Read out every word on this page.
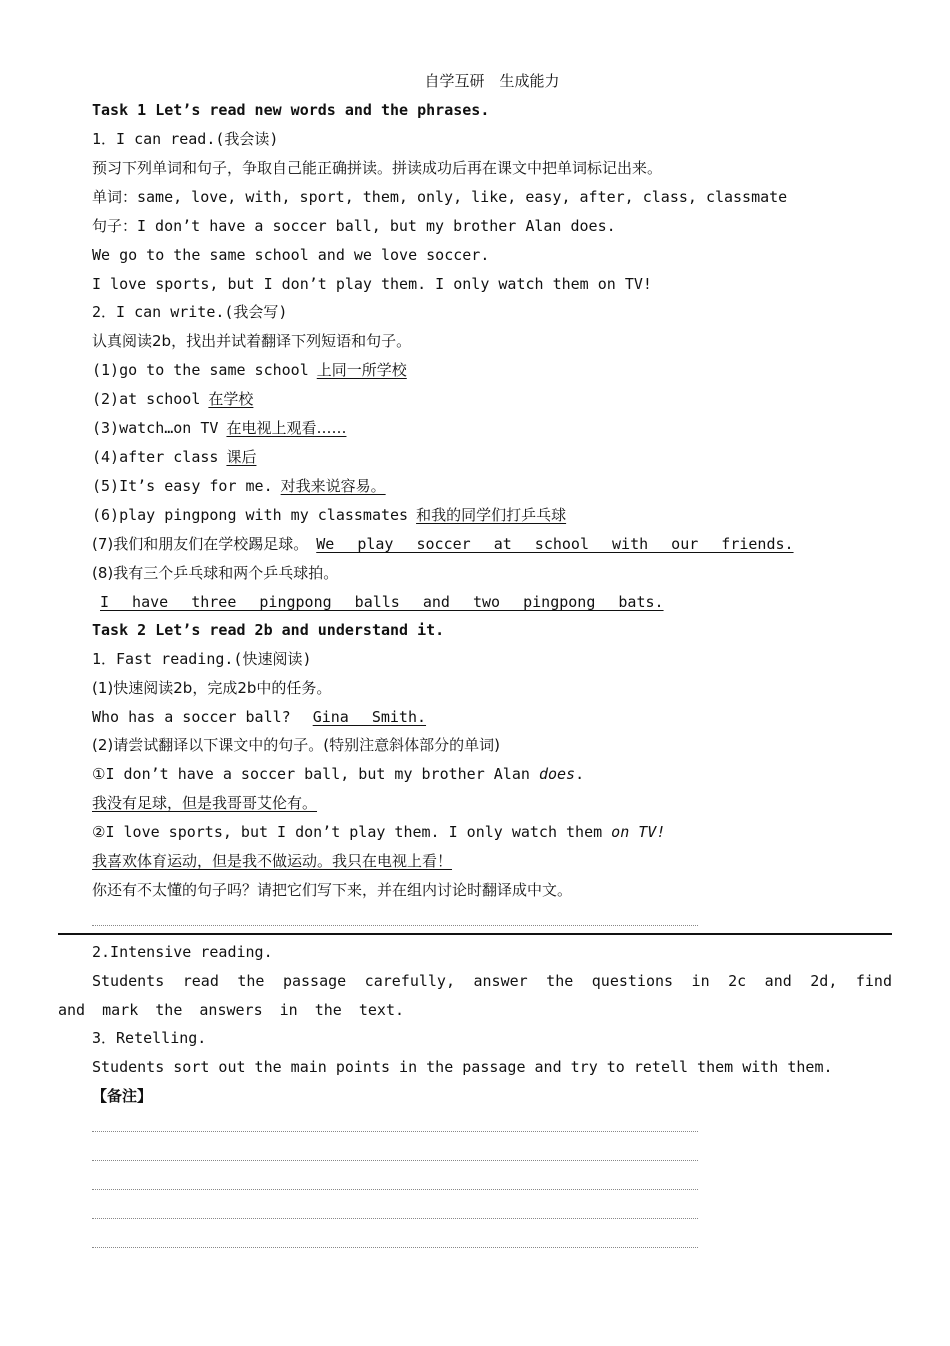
自学互研　生成能力
Task 1 Let’s read new words and the phrases.
1．I can read.(我会读)
预习下列单词和句子，争取自己能正确拼读。拼读成功后再在课文中把单词标记出来。
单词：same, love, with, sport, them, only, like, easy, after, class, classmate
句子：I don’t have a soccer ball, but my brother Alan does.
We go to the same school and we love soccer.
I love sports, but I don’t play them. I only watch them on TV!
2．I can write.(我会写)
认真阅读2b，找出并试着翻译下列短语和句子。
(1)go to the same school 上同一所学校
(2)at school 在学校
(3)watch…on TV 在电视上观看……
(4)after class 课后
(5)It’s easy for me. 对我来说容易。
(6)play pingpong with my classmates 和我的同学们打乒乓球
(7)我们和朋友们在学校踢足球。 We play soccer at school with our friends.
(8)我有三个乒乓球和两个乒乓球拍。
I have three pingpong balls and two pingpong bats.
Task 2 Let’s read 2b and understand it.
1．Fast reading.(快速阅读)
(1)快速阅读2b，完成2b中的任务。
Who has a soccer ball? Gina Smith.
(2)请尝试翻译以下课文中的句子。(特别注意斜体部分的单词)
①I don’t have a soccer ball, but my brother Alan does.
我没有足球，但是我哥哥艾伦有。
②I love sports, but I don’t play them. I only watch them on TV!
我喜欢体育运动，但是我不做运动。我只在电视上看！
你还有不太懂的句子吗？请把它们写下来，并在组内讨论时翻译成中文。
2.Intensive reading.
Students read the passage carefully, answer the questions in 2c and 2d, find and mark the answers in the text.
3．Retelling.
Students sort out the main points in the passage and try to retell them with them.
【备注】
